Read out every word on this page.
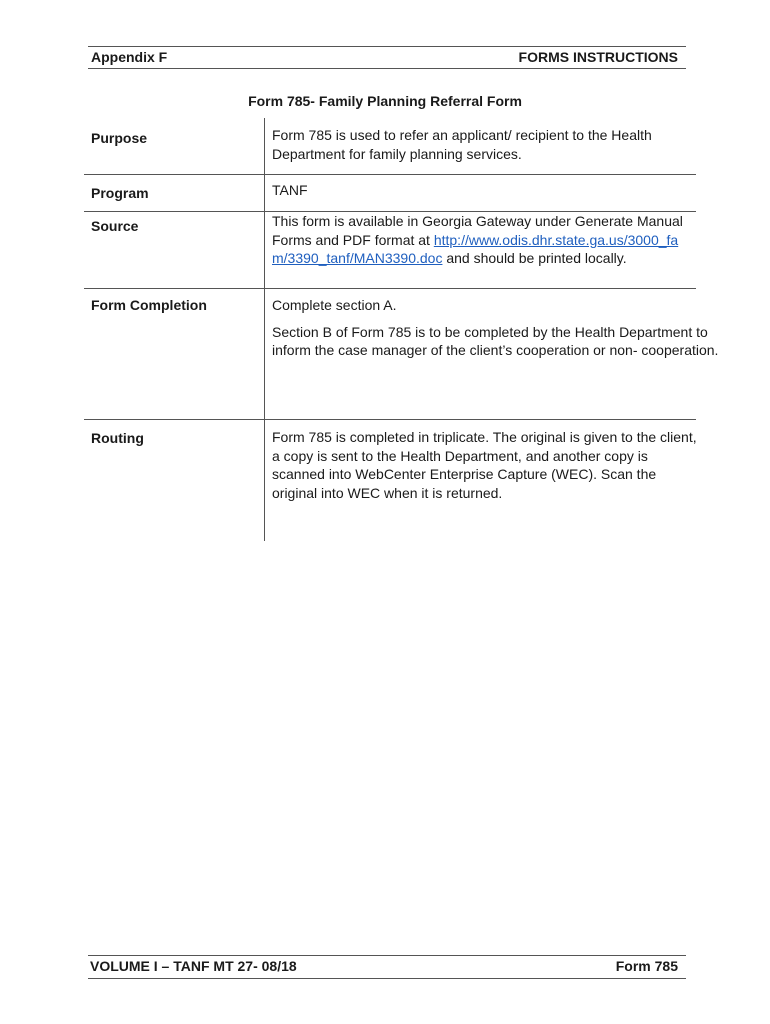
Appendix F	FORMS INSTRUCTIONS
Form 785- Family Planning Referral Form
Purpose	Form 785 is used to refer an applicant/ recipient to the Health Department for family planning services.
Program	TANF
Source	This form is available in Georgia Gateway under Generate Manual Forms and PDF format at http://www.odis.dhr.state.ga.us/3000_fam/3390_tanf/MAN3390.doc and should be printed locally.
Form Completion	Complete section A.

Section B of Form 785 is to be completed by the Health Department to inform the case manager of the client’s cooperation or non- cooperation.

Routing	Form 785 is completed in triplicate. The original is given to the client, a copy is sent to the Health Department, and another copy is scanned into WebCenter Enterprise Capture (WEC). Scan the original into WEC when it is returned.
VOLUME I – TANF MT 27- 08/18	Form 785
